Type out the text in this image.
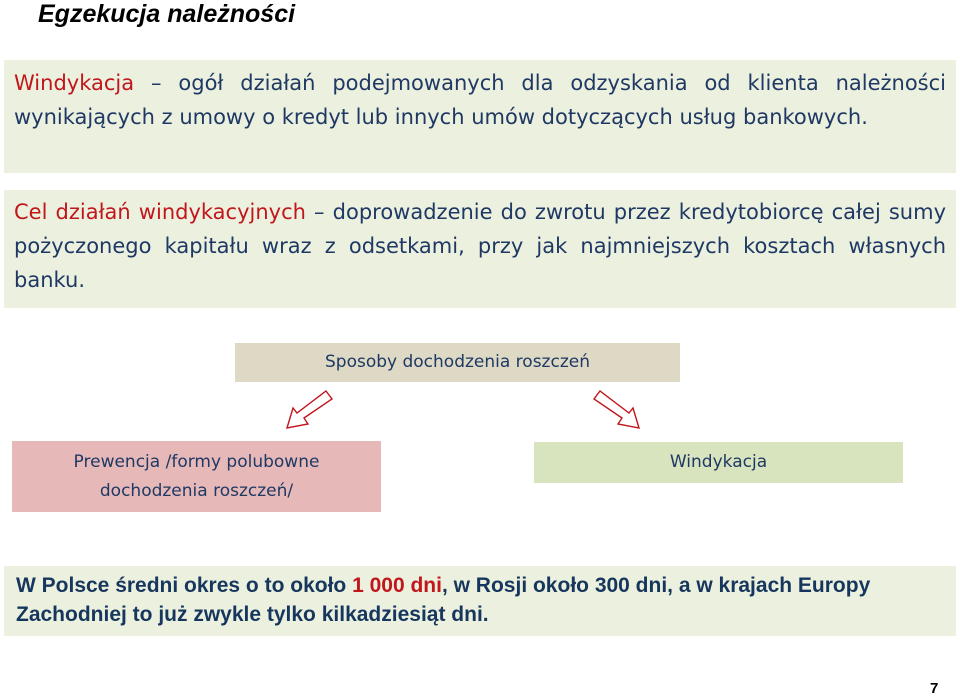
Egzekucja należności
Windykacja – ogół działań podejmowanych dla odzyskania od klienta należności wynikających z umowy o kredyt lub innych umów dotyczących usług bankowych.
Cel działań windykacyjnych – doprowadzenie do zwrotu przez kredytobiorcę całej sumy pożyczonego kapitału wraz z odsetkami, przy jak najmniejszych kosztach własnych banku.
Sposoby dochodzenia roszczeń
Prewencja /formy polubowne
dochodzenia roszczeń/
Windykacja
W Polsce średni okres o to około 1 000 dni, w Rosji około 300 dni, a w krajach Europy Zachodniej to już zwykle tylko kilkadziesiąt dni.
7
